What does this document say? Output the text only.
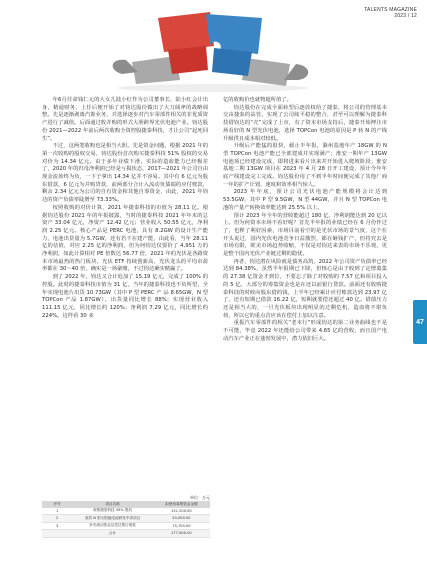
TALENTS MAGAZINE
2023 / 12
47

年6月任命钱仁元的大女儿陆小红作为公司董事长，陆小红会计出身，精通财务，上任后便开始了对钧达股份做出了大刀阔斧的战略调整。先是逐渐剥离汽饰业务，并选择逐步对汽车零部件相关的非优质资产进行了减值。后面通过收并购的形式大胆跨界光伏电池产业。钧达股份 2021—2022 年前后两次收购全资控股捷泰科技，才让公司“起死回生”。

不过，这两笔收购也是相当大胆。先是资金问题，根据 2021 年的第一次收购的股权交易，钧达股份首次购买捷泰科技 51% 股权的交易对价为 14.34 亿元。由于多年业绩下滑，实际的造血能力已经极差了，2020 年的归母净利润已经是亏损状态，2017—2021 年公司自由现金流始终为负，一下子拿出 14.34 亿并不容易。其中有 6 亿元为股东借款，6 亿元为并购贷款，前两部分合计入流动负债端的应付账款，剩余 2.34 亿元为公司的自有资金和其他自筹资金，由此，2021 年钧达的资产负债率陡增至 73.33%。

按照收购的对价计算，2021 年捷泰科技的市值为 28.11 亿。根据钧达股份 2021 年的年报披露，当时的捷泰科技 2021 年年末的总资产 33.04 亿元，净资产 12.42 亿元；营业收入 50.55 亿元，净利润 2.25 亿元。核心产品是 PERC 电池，具有 8.2GW 的设计生产能力，电池出货量为 5.7GW，还有若干在建产能，由此看，当年 28.11 亿的估值，对应 2.25 亿的净利润，但为何钧达仅要价了 4,951 万的净利润，如此计算相对 PE 倍数达 56.77 倍，2021 年的光伏是各路资本市场最热的热门板块，光伏 ETF 持续创新高，光伏龙头的平均市盈率都在 30～40 倍，确实是一场豪赌，不过钧达确实赌赢了。

到了 2022 年，钧达又合计追加了 15.19 亿元，完成了 100% 的控股。此时的捷泰科技市值为 31 亿，当年的捷泰科技也不负所望，全年实现电池片出货 10.73GW（其中 P 型 PERC 产 品 8.65GW，N 型 TOPCon 产品 1.87GW），出货量同比增长 88%；实现营业收入 111.15 亿元，同比增长约 120%；净利润 7.29 亿元，同比增长约 224%。这样看 30 多

亿的收购价也就物超所值了。

钧达股份在完成全面转型后逐放权给了捷泰，将公司的管理基本交由捷泰的高管，实现了公司续平稳的整合，甚至可以理解为捷泰科技借钧达的“壳”完成了上市，有了资本市场支持后，捷泰开始押注市场看好的 N 型光伏电池，选择 TOPCon 电池的原因是 P 转 N 的产线升级供且成本相对较低。

升级后产能猛的很快，截止半年报，滁州基地年产 18GW 的 N 型 TOPCon 电池产能已全部建成并实现满产；淮安一期年产 13GW 电池项已经建设完成，即将进来看片出来并开始进入爬坡阶段；淮安基地二期 13GW 项目在 2023 年 4 月 28 日开工建设，预计今年年底产线建设完工完成。钧达股份用了不到半年时间便完成了其他厂商一年的扩产计划，速度和效率相当惊人。

2023 年年底，预计公司光伏电池产能规模将会计达到 53.5GW，其中 P 型 9.5GW，N 型 44GW，并且 N 型 TOPCon 电池的产量产转换效率能达到 25.5% 以上。

预计 2023 年全年的营收能超过 180 亿，净利润能达到 20 亿以上。但为何资本市场不看好呢？首先半年报的业绩已经在 6 月份作过了，也释了利好因素，市场目前看空的是光伏市场的景气度，这个在开头说过，国内光伏电池竞争日益激烈，都在砸钱扩产，但持究去是市场有限，欧美市场趋势收缩，不仅是对钧达来表的市场不乐观，更是整个国内光伏产业链过剩的隐忧。

再者，钧达潜在风险就是债务高筑，2022 年公司资产负债率已经达到 84.38%，虽然半年报期已下降，但核心是由于收到了定增募集的 27.38 亿资金才到位，不要忘了除了对收购的 7.57 亿和项目投入的 5 亿，大部分的筹集资金也是在还以前银行贷款。前面还有收购捷泰科技的时候向股东借的钱，上半年已经累计应付账款达到 23.97 亿了，还有短期已借款 16.22 亿，短期就要偿还超过 40 亿。借债压力还是相当大的，一旦光伏板块出现明显的过剩危机，造血将不堪负荷，所以它的重点首应该在偿付上加以注意。

重振汽车零部件的相关“老本行”形成钧达的第二业务曲线也不是不可能，毕竟 2022 年还能给公司带来 4.65 亿的营收，而且国产电动汽车产业正在蓬勃发展中，潜力依旧巨大。

单位：万元
序号	项目名称	拟使用募集资金金额
1	收购捷泰科技 49% 股权	151,200.00
2	高效 N 型太阳能电池研发中试项目	50,000.00
3	补充流动资金及偿还银行借款	75,700.00
	合计	277,900.00
